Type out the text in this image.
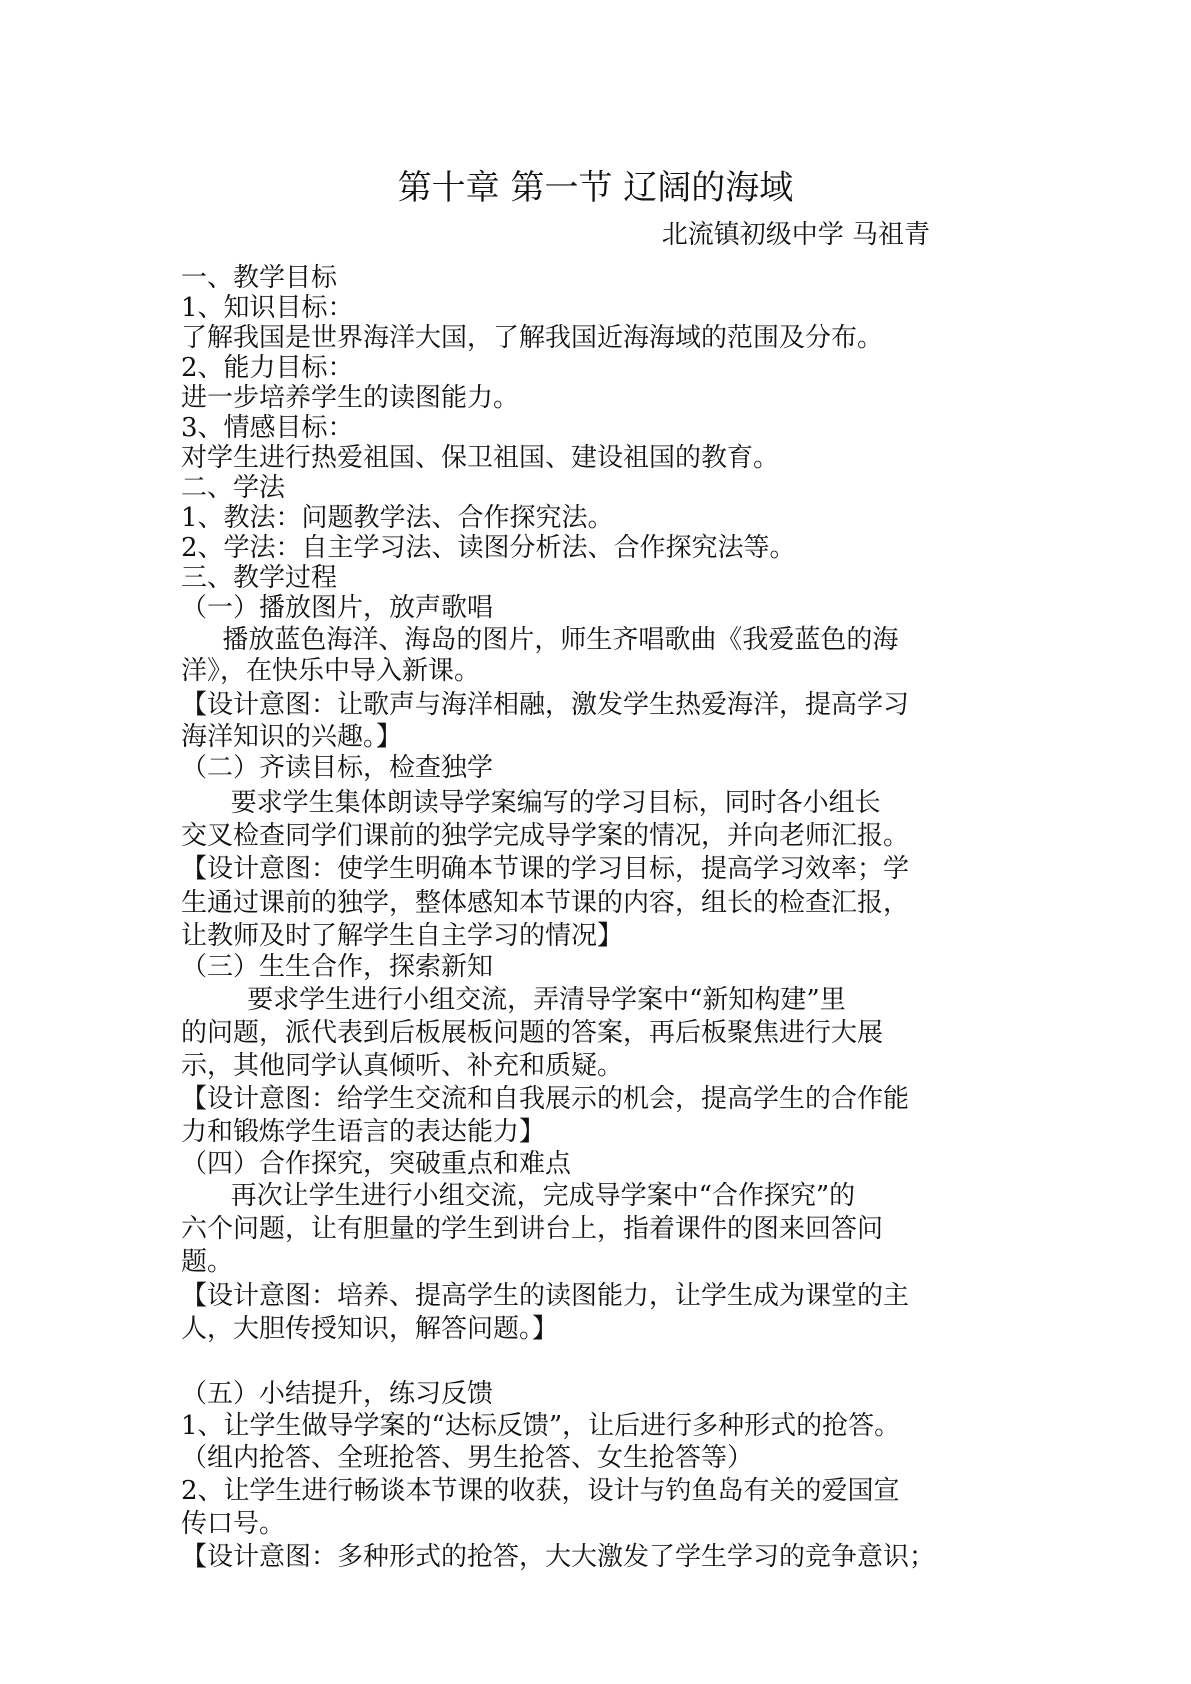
第十章 第一节 辽阔的海域
北流镇初级中学 马祖青
一、教学目标
1、知识目标：
了解我国是世界海洋大国，了解我国近海海域的范围及分布。
2、能力目标：
进一步培养学生的读图能力。
3、情感目标：
对学生进行热爱祖国、保卫祖国、建设祖国的教育。
二、学法
1、教法：问题教学法、合作探究法。
2、学法：自主学习法、读图分析法、合作探究法等。
三、教学过程
（一）播放图片，放声歌唱
播放蓝色海洋、海岛的图片，师生齐唱歌曲《我爱蓝色的海
洋》，在快乐中导入新课。
【设计意图：让歌声与海洋相融，激发学生热爱海洋，提高学习
海洋知识的兴趣。】
（二）齐读目标，检查独学
要求学生集体朗读导学案编写的学习目标，同时各小组长
交叉检查同学们课前的独学完成导学案的情况，并向老师汇报。
【设计意图：使学生明确本节课的学习目标，提高学习效率；学
生通过课前的独学，整体感知本节课的内容，组长的检查汇报，
让教师及时了解学生自主学习的情况】
（三）生生合作，探索新知
要求学生进行小组交流，弄清导学案中“新知构建”里
的问题，派代表到后板展板问题的答案，再后板聚焦进行大展
示，其他同学认真倾听、补充和质疑。
【设计意图：给学生交流和自我展示的机会，提高学生的合作能
力和锻炼学生语言的表达能力】
（四）合作探究，突破重点和难点
再次让学生进行小组交流，完成导学案中“合作探究”的
六个问题，让有胆量的学生到讲台上，指着课件的图来回答问
题。
【设计意图：培养、提高学生的读图能力，让学生成为课堂的主
人，大胆传授知识，解答问题。】
（五）小结提升，练习反馈
1、让学生做导学案的“达标反馈”，让后进行多种形式的抢答。
（组内抢答、全班抢答、男生抢答、女生抢答等）
2、让学生进行畅谈本节课的收获，设计与钓鱼岛有关的爱国宣
传口号。
【设计意图：多种形式的抢答，大大激发了学生学习的竞争意识；
